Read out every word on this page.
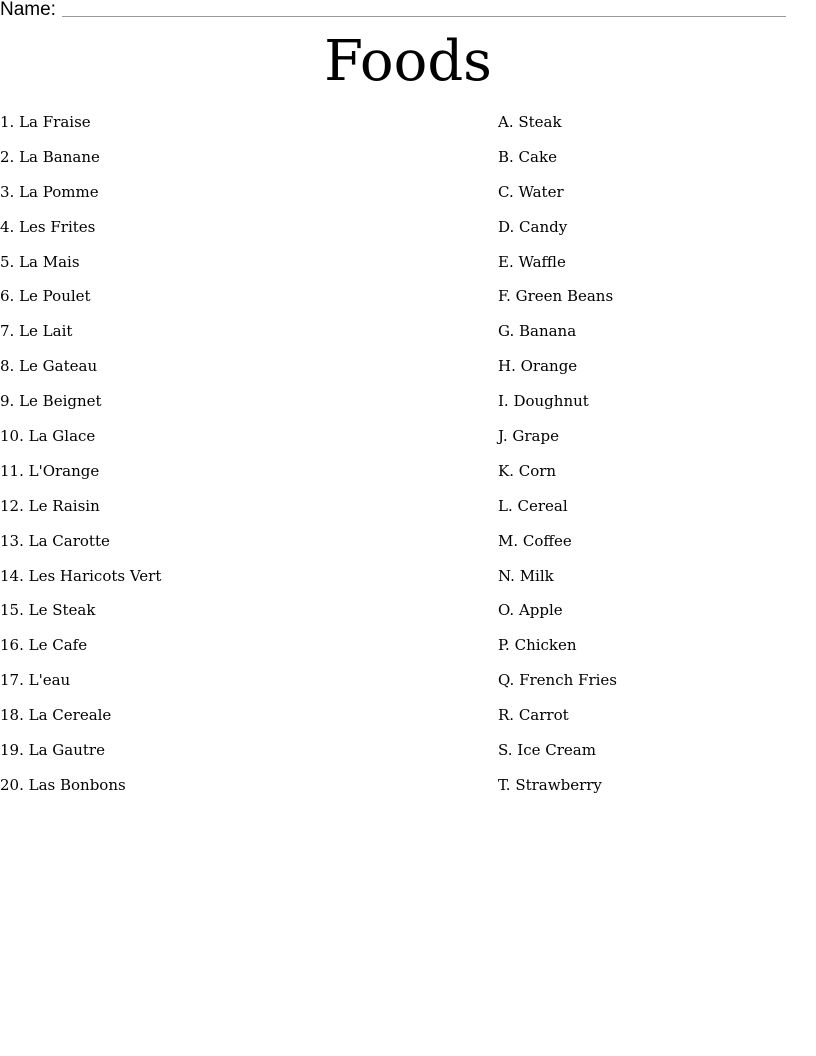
Name:
Foods
1. La Fraise
2. La Banane
3. La Pomme
4. Les Frites
5. La Mais
6. Le Poulet
7. Le Lait
8. Le Gateau
9. Le Beignet
10. La Glace
11. L'Orange
12. Le Raisin
13. La Carotte
14. Les Haricots Vert
15. Le Steak
16. Le Cafe
17. L'eau
18. La Cereale
19. La Gautre
20. Las Bonbons
A. Steak
B. Cake
C. Water
D. Candy
E. Waffle
F. Green Beans
G. Banana
H. Orange
I. Doughnut
J. Grape
K. Corn
L. Cereal
M. Coffee
N. Milk
O. Apple
P. Chicken
Q. French Fries
R. Carrot
S. Ice Cream
T. Strawberry
